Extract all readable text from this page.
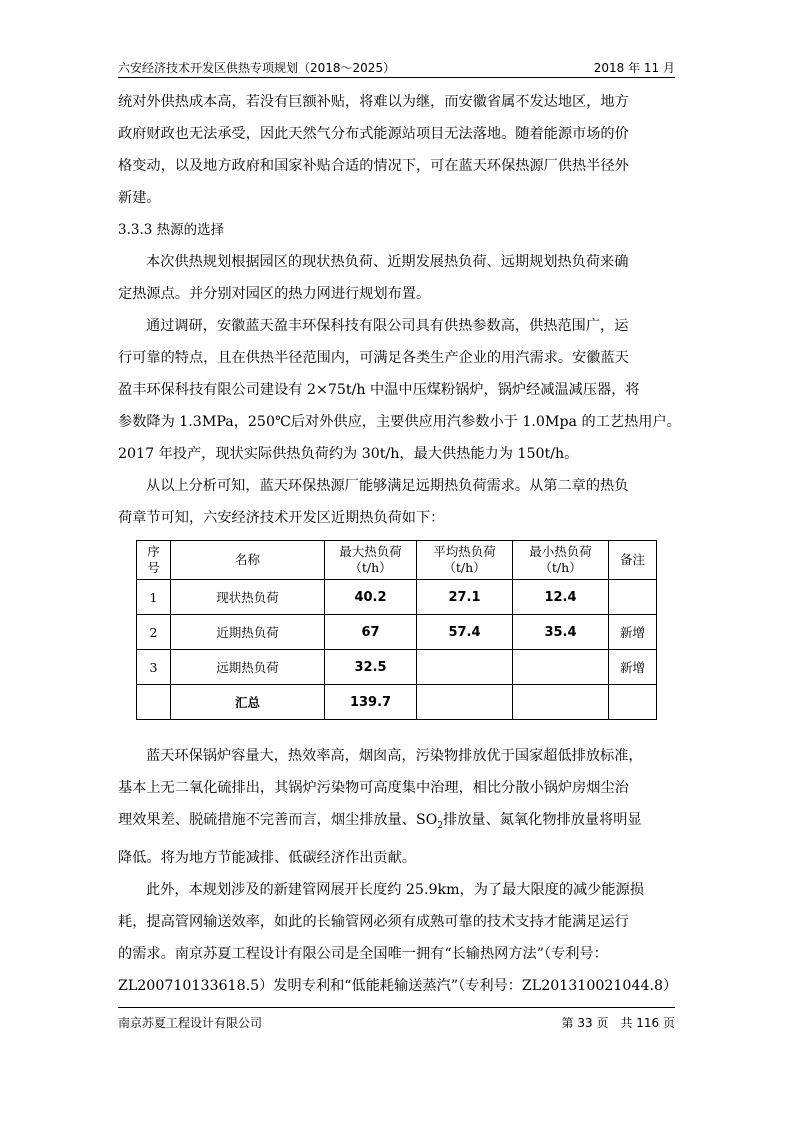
六安经济技术开发区供热专项规划（2018～2025）	2018 年 11 月

统对外供热成本高，若没有巨额补贴，将难以为继，而安徽省属不发达地区，地方

政府财政也无法承受，因此天然气分布式能源站项目无法落地。随着能源市场的价

格变动，以及地方政府和国家补贴合适的情况下，可在蓝天环保热源厂供热半径外

新建。

3.3.3 热源的选择

本次供热规划根据园区的现状热负荷、近期发展热负荷、远期规划热负荷来确

定热源点。并分别对园区的热力网进行规划布置。

通过调研，安徽蓝天盈丰环保科技有限公司具有供热参数高，供热范围广，运

行可靠的特点，且在供热半径范围内，可满足各类生产企业的用汽需求。安徽蓝天

盈丰环保科技有限公司建设有 2×75t/h 中温中压煤粉锅炉，锅炉经减温减压器，将

参数降为 1.3MPa，250℃后对外供应，主要供应用汽参数小于 1.0Mpa 的工艺热用户。

2017 年投产，现状实际供热负荷约为 30t/h，最大供热能力为 150t/h。

从以上分析可知，蓝天环保热源厂能够满足远期热负荷需求。从第二章的热负

荷章节可知，六安经济技术开发区近期热负荷如下：

序
号	名称	最大热负荷
（t/h）	平均热负荷
（t/h）	最小热负荷
（t/h）	备注
1	现状热负荷	40.2	27.1	12.4	
2	近期热负荷	67	57.4	35.4	新增
3	远期热负荷	32.5			新增
	汇总	139.7			

蓝天环保锅炉容量大，热效率高，烟囱高，污染物排放优于国家超低排放标准，

基本上无二氧化硫排出，其锅炉污染物可高度集中治理，相比分散小锅炉房烟尘治

理效果差、脱硫措施不完善而言，烟尘排放量、$SO_2$排放量、氮氧化物排放量将明显

降低。将为地方节能减排、低碳经济作出贡献。

此外，本规划涉及的新建管网展开长度约 25.9km，为了最大限度的减少能源损

耗，提高管网输送效率，如此的长输管网必须有成熟可靠的技术支持才能满足运行

的需求。南京苏夏工程设计有限公司是全国唯一拥有“长输热网方法”（专利号：

ZL200710133618.5）发明专利和“低能耗输送蒸汽”（专利号：ZL201310021044.8）

南京苏夏工程设计有限公司	第 33 页 共 116 页
